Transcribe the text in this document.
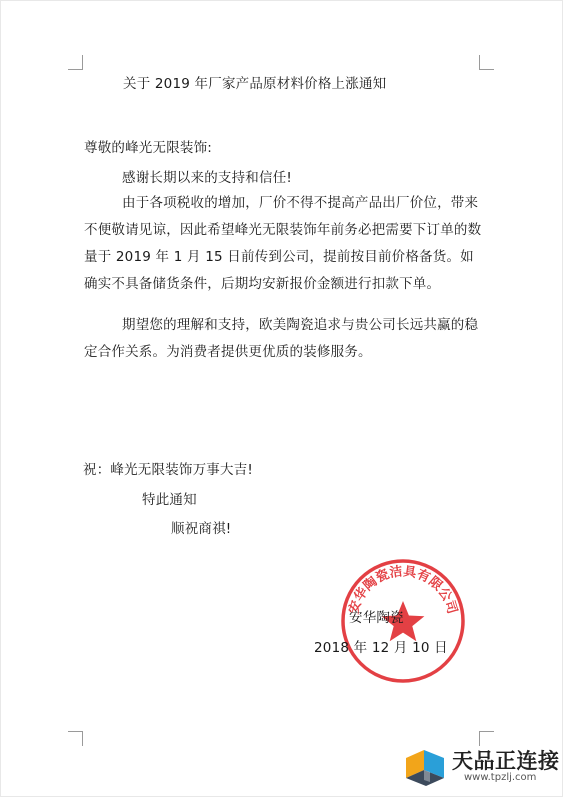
关于 2019 年厂家产品原材料价格上涨通知
尊敬的峰光无限装饰:
感谢长期以来的支持和信任!
由于各项税收的增加，厂价不得不提高产品出厂价位，带来不便敬请见谅，因此希望峰光无限装饰年前务必把需要下订单的数量于 2019 年 1 月 15 日前传到公司，提前按目前价格备货。如确实不具备储货条件，后期均安新报价金额进行扣款下单。
期望您的理解和支持，欧美陶瓷追求与贵公司长远共赢的稳定合作关系。为消费者提供更优质的装修服务。
祝：峰光无限装饰万事大吉!
特此通知
顺祝商祺!
安华陶瓷洁具有限公司
安华陶瓷
2018 年 12 月 10 日
天品正连接
www.tpzlj.com
